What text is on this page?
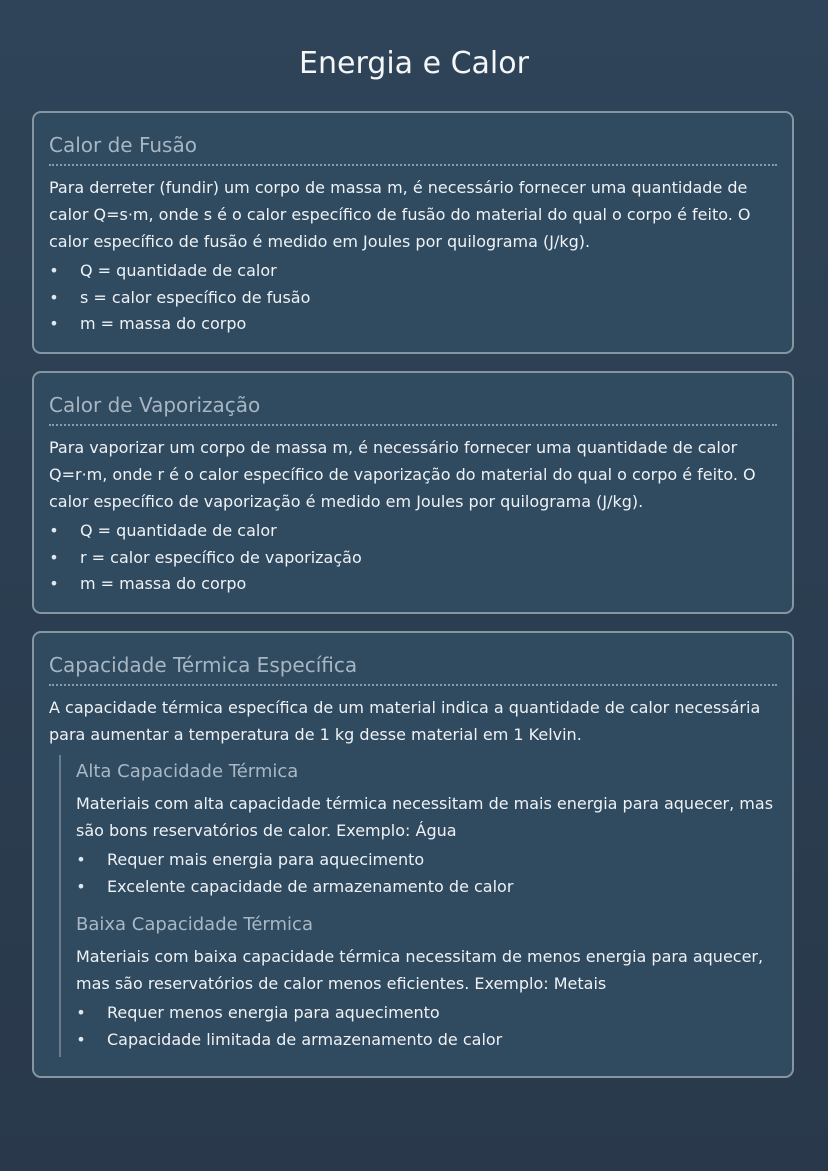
Energia e Calor
Calor de Fusão

Para derreter (fundir) um corpo de massa m, é necessário fornecer uma quantidade de calor Q=s·m, onde s é o calor específico de fusão do material do qual o corpo é feito. O calor específico de fusão é medido em Joules por quilograma (J/kg).

• Q = quantidade de calor
• s = calor específico de fusão
• m = massa do corpo
Calor de Vaporização

Para vaporizar um corpo de massa m, é necessário fornecer uma quantidade de calor Q=r·m, onde r é o calor específico de vaporização do material do qual o corpo é feito. O calor específico de vaporização é medido em Joules por quilograma (J/kg).

• Q = quantidade de calor
• r = calor específico de vaporização
• m = massa do corpo
Capacidade Térmica Específica

A capacidade térmica específica de um material indica a quantidade de calor necessária para aumentar a temperatura de 1 kg desse material em 1 Kelvin.

Alta Capacidade Térmica

Materiais com alta capacidade térmica necessitam de mais energia para aquecer, mas são bons reservatórios de calor. Exemplo: Água

• Requer mais energia para aquecimento
• Excelente capacidade de armazenamento de calor
Baixa Capacidade Térmica

Materiais com baixa capacidade térmica necessitam de menos energia para aquecer, mas são reservatórios de calor menos eficientes. Exemplo: Metais

• Requer menos energia para aquecimento
• Capacidade limitada de armazenamento de calor
